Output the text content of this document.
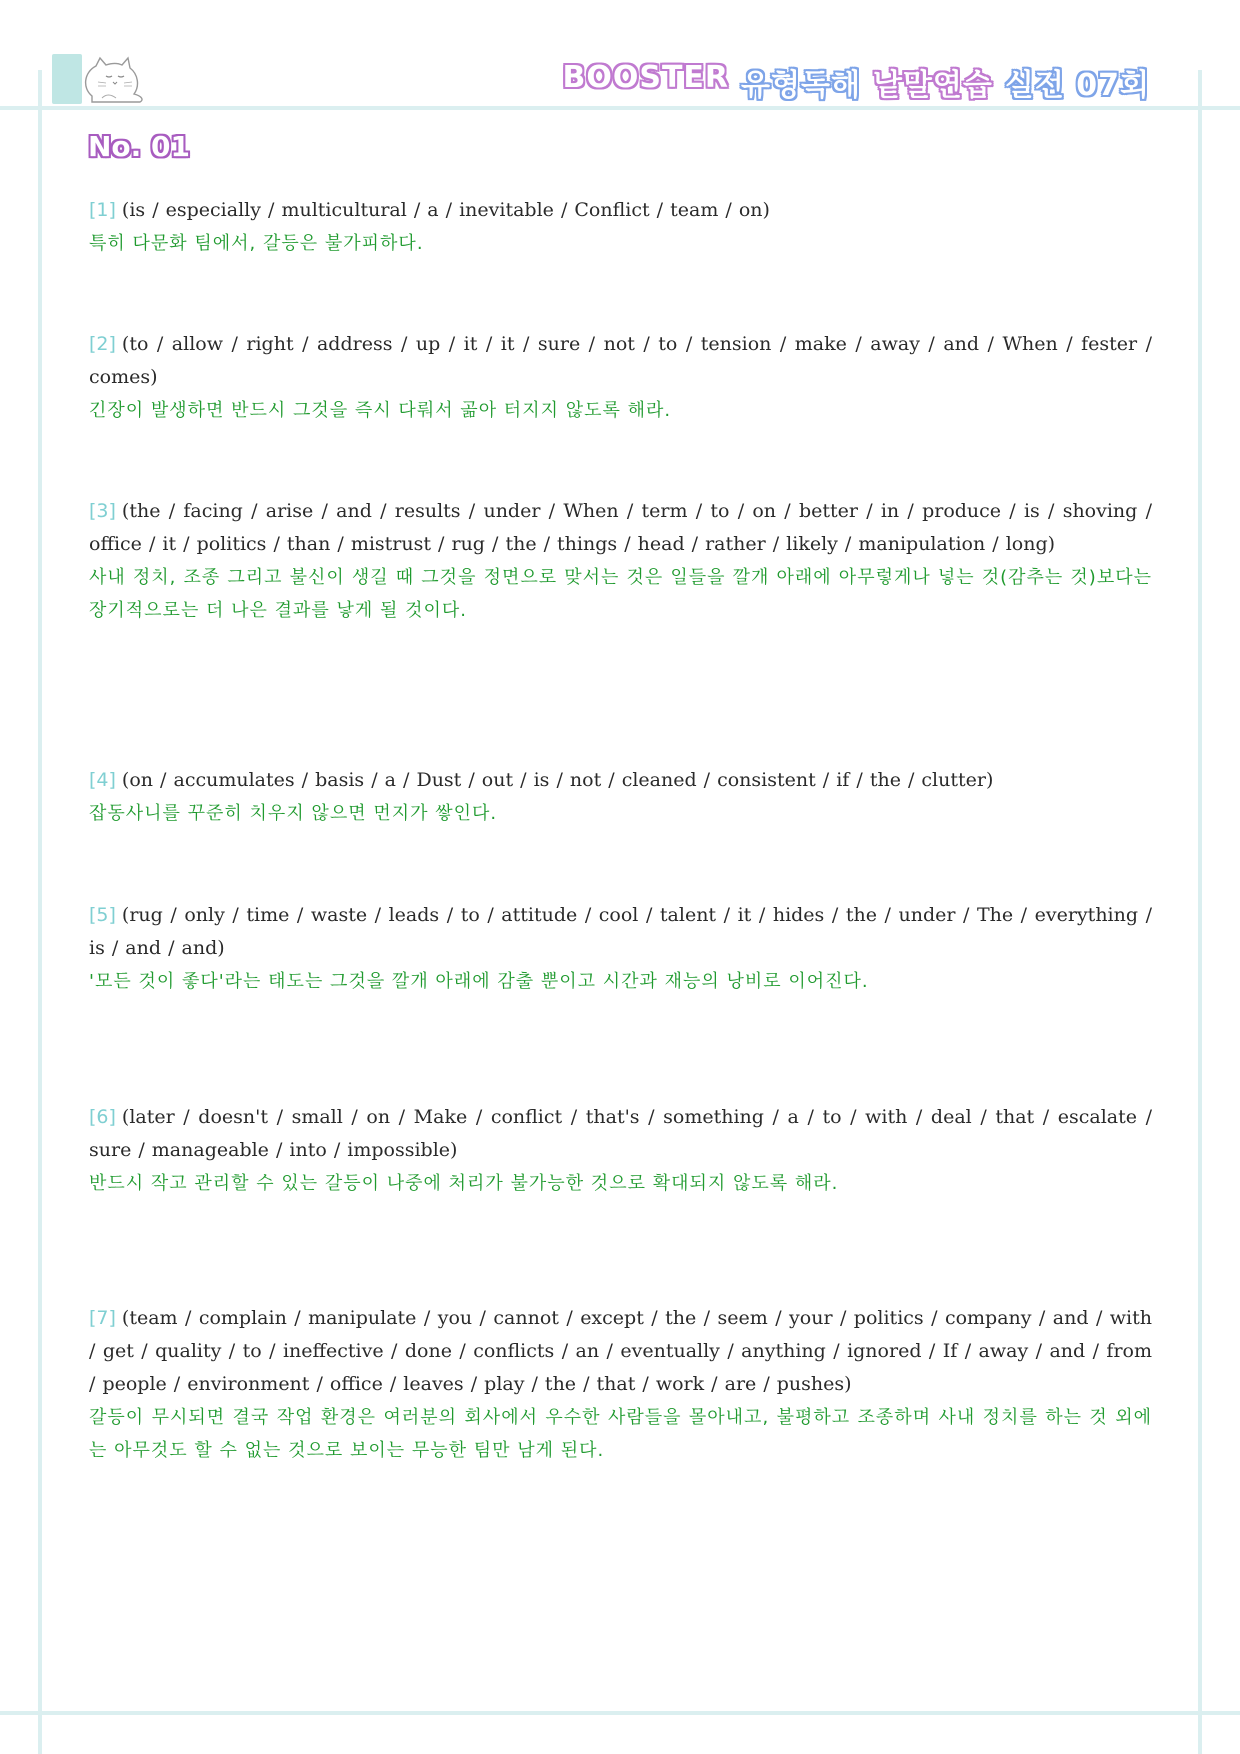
BOOSTER 유형독해 낱말연습 실전 07회
No. 01
[1] (is / especially / multicultural / a / inevitable / Conflict / team / on)
특히 다문화 팀에서, 갈등은 불가피하다.
[2] (to / allow / right / address / up / it / it / sure / not / to / tension / make / away / and / When / fester / comes)
긴장이 발생하면 반드시 그것을 즉시 다뤄서 곪아 터지지 않도록 해라.
[3] (the / facing / arise / and / results / under / When / term / to / on / better / in / produce / is / shoving / office / it / politics / than / mistrust / rug / the / things / head / rather / likely / manipulation / long)
사내 정치, 조종 그리고 불신이 생길 때 그것을 정면으로 맞서는 것은 일들을 깔개 아래에 아무렇게나 넣는 것(감추는 것)보다는 장기적으로는 더 나은 결과를 낳게 될 것이다.
[4] (on / accumulates / basis / a / Dust / out / is / not / cleaned / consistent / if / the / clutter)
잡동사니를 꾸준히 치우지 않으면 먼지가 쌓인다.
[5] (rug / only / time / waste / leads / to / attitude / cool / talent / it / hides / the / under / The / everything / is / and / and)
'모든 것이 좋다'라는 태도는 그것을 깔개 아래에 감출 뿐이고 시간과 재능의 낭비로 이어진다.
[6] (later / doesn't / small / on / Make / conflict / that's / something / a / to / with / deal / that / escalate / sure / manageable / into / impossible)
반드시 작고 관리할 수 있는 갈등이 나중에 처리가 불가능한 것으로 확대되지 않도록 해라.
[7] (team / complain / manipulate / you / cannot / except / the / seem / your / politics / company / and / with / get / quality / to / ineffective / done / conflicts / an / eventually / anything / ignored / If / away / and / from / people / environment / office / leaves / play / the / that / work / are / pushes)
갈등이 무시되면 결국 작업 환경은 여러분의 회사에서 우수한 사람들을 몰아내고, 불평하고 조종하며 사내 정치를 하는 것 외에는 아무것도 할 수 없는 것으로 보이는 무능한 팀만 남게 된다.
